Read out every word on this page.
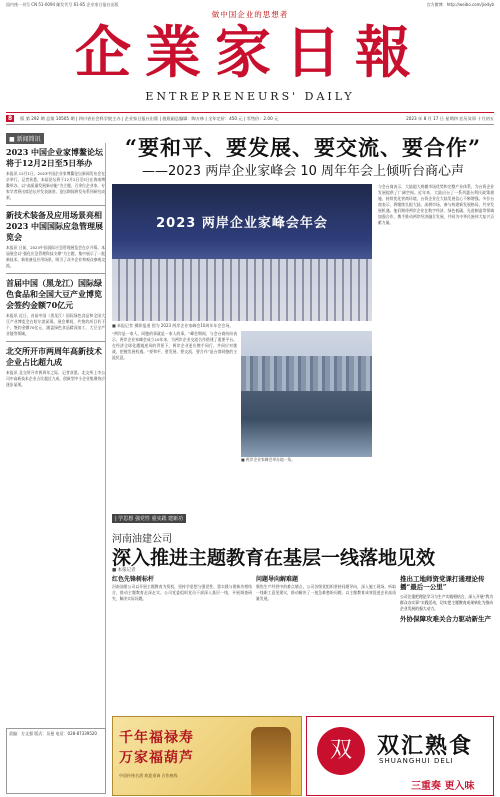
国内统一刊号 CN 51-0094 邮发代号 61-85 企业家日报社出版	官方微博：http://weibo.com/jiedyb
做中国企业的思想者
企業家日報
ENTREPRENEURS' DAILY
8	版 第 292 期 总第 10505 期 | 四川省社会科学院主办 | 企业家日报社出版 | 值班副总编辑：陶万林 | 全年定价：450 元 | 零售价：2.00 元	2023 年 8 月 17 日 星期四 农历癸卯 十月初五
■ 新闻简讯
2023 中国企业家博鳌论坛将于12月2日至5日举办
本报讯 12月1日，2023中国企业家博鳌论坛新闻发布会在京举行。记者获悉，本届论坛将于12月2日至5日在海南博鳌举办，以“高质量发展新动能”为主题，百余位企业家、专家学者将出席论坛并发表演讲。论坛期间将发布系列研究成果。
新技术装备及应用场景亮相 2023 中国国际应急管理展览会
本报讯 日前，2023中国国际应急管理展览会在京开幕。本届展会以“强化应急管理科技支撑”为主题，集中展示了一批新技术、新装备及应用场景，吸引了众多企业和观众参观交流。
首届中国（黑龙江）国际绿色食品和全国大豆产业博览会签约金额70亿元
本报讯 近日，首届中国（黑龙江）国际绿色食品和全国大豆产业博览会在哈尔滨闭幕。展会期间，共签约项目若干个，签约金额70亿元，涵盖绿色食品精深加工、大豆全产业链等领域。
北交所开市两周年高新技术企业占比超九成
本报讯 北交所开市两周年之际，记者获悉，北交所上市公司中高新技术企业占比超过九成，创新型中小企业集聚效应逐步显现。
“要和平、要发展、要交流、要合作”
——2023 两岸企业家峰会 10 周年年会上倾听台商心声
2023 两岸企业家峰会年会
■ 本报记者 摄影报道 图为 2023 两岸企业家峰会10周年年会会场。
“两岸是一家人，同胞的事就是一家人的事。”峰会期间，与会台商纷纷表示，两岸企业家峰会成立10年来，为两岸企业交流合作搭建了重要平台。在经济全球化遭遇逆风的背景下，两岸企业更应携手同行，共同应对挑战，把握发展机遇。“要和平、要发展、要交流、要合作”是台湾同胞的主流民意。
■ 两岸企业家峰会举办地一角。
与会台商表示，大陆超大规模市场优势和完整产业体系，为台资企业发展提供了广阔空间。近年来，大陆出台了一系列惠台利民政策措施，持续优化营商环境，台资企业在大陆发展信心不断增强。多位台商表示，将继续扎根大陆，深耕市场，参与构建新发展格局，共享发展机遇。他们期待两岸企业在数字经济、绿色低碳、先进制造等领域加强合作，携手推动两岸经济融合发展，共同为中华民族伟大复兴贡献力量。
| 学思想 强党性 重实践 建新功
河南油建公司
深入推进主题教育在基层一线落地见效
■ 本报记者
红色先锋树标杆
河南油建公司以开展主题教育为契机，坚持学思想与强党性、重实践与建新功相结合，推动主题教育走深走实。公司党委组织党员干部深入基层一线，开展调查研究，解决实际问题。
问题导向解难题
聚焦生产经营中的难点堵点，公司各级党组织坚持问题导向，深入施工现场，听取一线职工意见建议，推动解决了一批急难愁盼问题，以主题教育成效促进企业高质量发展。
推出工地师资党课打通理论传播“最后一公里”
公司注重把理论学习与生产实践相结合，深入开展“我为群众办实事”实践活动，切实把主题教育成果转化为推动企业发展的强大动力。
外协保障攻难关合力驱动新生产
责编：方文强 版式：吴曼 电话：028-87339520	千年福禄寿
万家福葫芦
中国传统名酒 欢迎垂询 合作热线
双	双汇熟食
SHUANGHUI DELI
三重奏 更入味
